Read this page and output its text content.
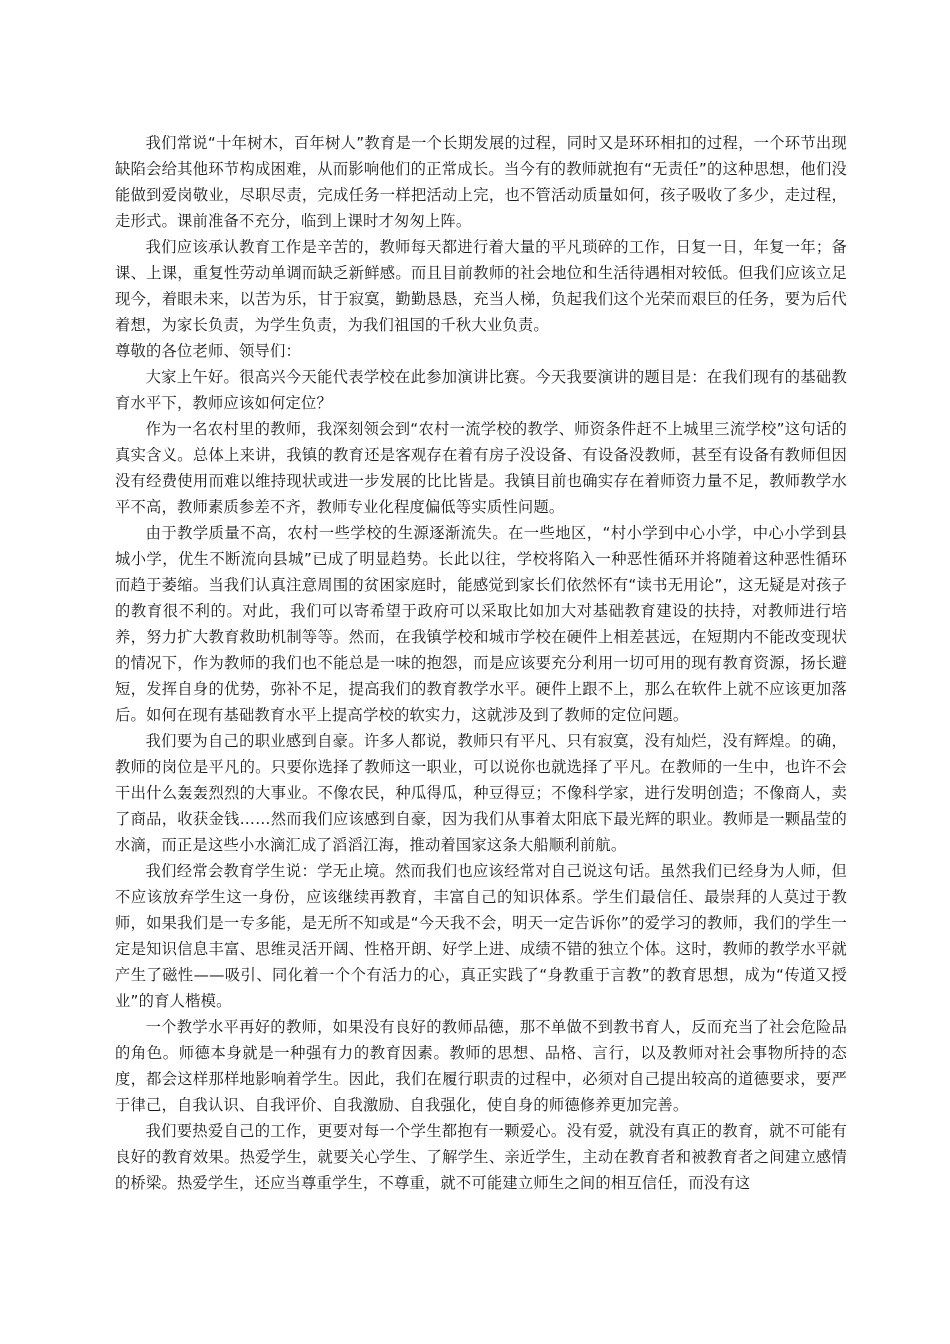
我们常说“十年树木，百年树人”教育是一个长期发展的过程，同时又是环环相扣的过程，一个环节出现缺陷会给其他环节构成困难，从而影响他们的正常成长。当今有的教师就抱有“无责任”的这种思想，他们没能做到爱岗敬业，尽职尽责，完成任务一样把活动上完，也不管活动质量如何，孩子吸收了多少，走过程，走形式。课前准备不充分，临到上课时才匆匆上阵。

我们应该承认教育工作是辛苦的，教师每天都进行着大量的平凡琐碎的工作，日复一日，年复一年；备课、上课，重复性劳动单调而缺乏新鲜感。而且目前教师的社会地位和生活待遇相对较低。但我们应该立足现今，着眼未来，以苦为乐，甘于寂寞，勤勤恳恳，充当人梯，负起我们这个光荣而艰巨的任务，要为后代着想，为家长负责，为学生负责，为我们祖国的千秋大业负责。

尊敬的各位老师、领导们：

大家上午好。很高兴今天能代表学校在此参加演讲比赛。今天我要演讲的题目是：在我们现有的基础教育水平下，教师应该如何定位？

作为一名农村里的教师，我深刻领会到“农村一流学校的教学、师资条件赶不上城里三流学校”这句话的真实含义。总体上来讲，我镇的教育还是客观存在着有房子没设备、有设备没教师，甚至有设备有教师但因没有经费使用而难以维持现状或进一步发展的比比皆是。我镇目前也确实存在着师资力量不足，教师教学水平不高，教师素质参差不齐，教师专业化程度偏低等实质性问题。

由于教学质量不高，农村一些学校的生源逐渐流失。在一些地区，“村小学到中心小学，中心小学到县城小学，优生不断流向县城”已成了明显趋势。长此以往，学校将陷入一种恶性循环并将随着这种恶性循环而趋于萎缩。当我们认真注意周围的贫困家庭时，能感觉到家长们依然怀有“读书无用论”，这无疑是对孩子的教育很不利的。对此，我们可以寄希望于政府可以采取比如加大对基础教育建设的扶持，对教师进行培养，努力扩大教育救助机制等等。然而，在我镇学校和城市学校在硬件上相差甚远，在短期内不能改变现状的情况下，作为教师的我们也不能总是一味的抱怨，而是应该要充分利用一切可用的现有教育资源，扬长避短，发挥自身的优势，弥补不足，提高我们的教育教学水平。硬件上跟不上，那么在软件上就不应该更加落后。如何在现有基础教育水平上提高学校的软实力，这就涉及到了教师的定位问题。

我们要为自己的职业感到自豪。许多人都说，教师只有平凡、只有寂寞，没有灿烂，没有辉煌。的确，教师的岗位是平凡的。只要你选择了教师这一职业，可以说你也就选择了平凡。在教师的一生中，也许不会干出什么轰轰烈烈的大事业。不像农民，种瓜得瓜，种豆得豆；不像科学家，进行发明创造；不像商人，卖了商品，收获金钱……然而我们应该感到自豪，因为我们从事着太阳底下最光辉的职业。教师是一颗晶莹的水滴，而正是这些小水滴汇成了滔滔江海，推动着国家这条大船顺利前航。

我们经常会教育学生说：学无止境。然而我们也应该经常对自己说这句话。虽然我们已经身为人师，但不应该放弃学生这一身份，应该继续再教育，丰富自己的知识体系。学生们最信任、最崇拜的人莫过于教师，如果我们是一专多能，是无所不知或是“今天我不会，明天一定告诉你”的爱学习的教师，我们的学生一定是知识信息丰富、思维灵活开阔、性格开朗、好学上进、成绩不错的独立个体。这时，教师的教学水平就产生了磁性——吸引、同化着一个个有活力的心，真正实践了“身教重于言教”的教育思想，成为“传道又授业”的育人楷模。

一个教学水平再好的教师，如果没有良好的教师品德，那不单做不到教书育人，反而充当了社会危险品的角色。师德本身就是一种强有力的教育因素。教师的思想、品格、言行，以及教师对社会事物所持的态度，都会这样那样地影响着学生。因此，我们在履行职责的过程中，必须对自己提出较高的道德要求，要严于律己，自我认识、自我评价、自我激励、自我强化，使自身的师德修养更加完善。

我们要热爱自己的工作，更要对每一个学生都抱有一颗爱心。没有爱，就没有真正的教育，就不可能有良好的教育效果。热爱学生，就要关心学生、了解学生、亲近学生，主动在教育者和被教育者之间建立感情的桥梁。热爱学生，还应当尊重学生，不尊重，就不可能建立师生之间的相互信任，而没有这
